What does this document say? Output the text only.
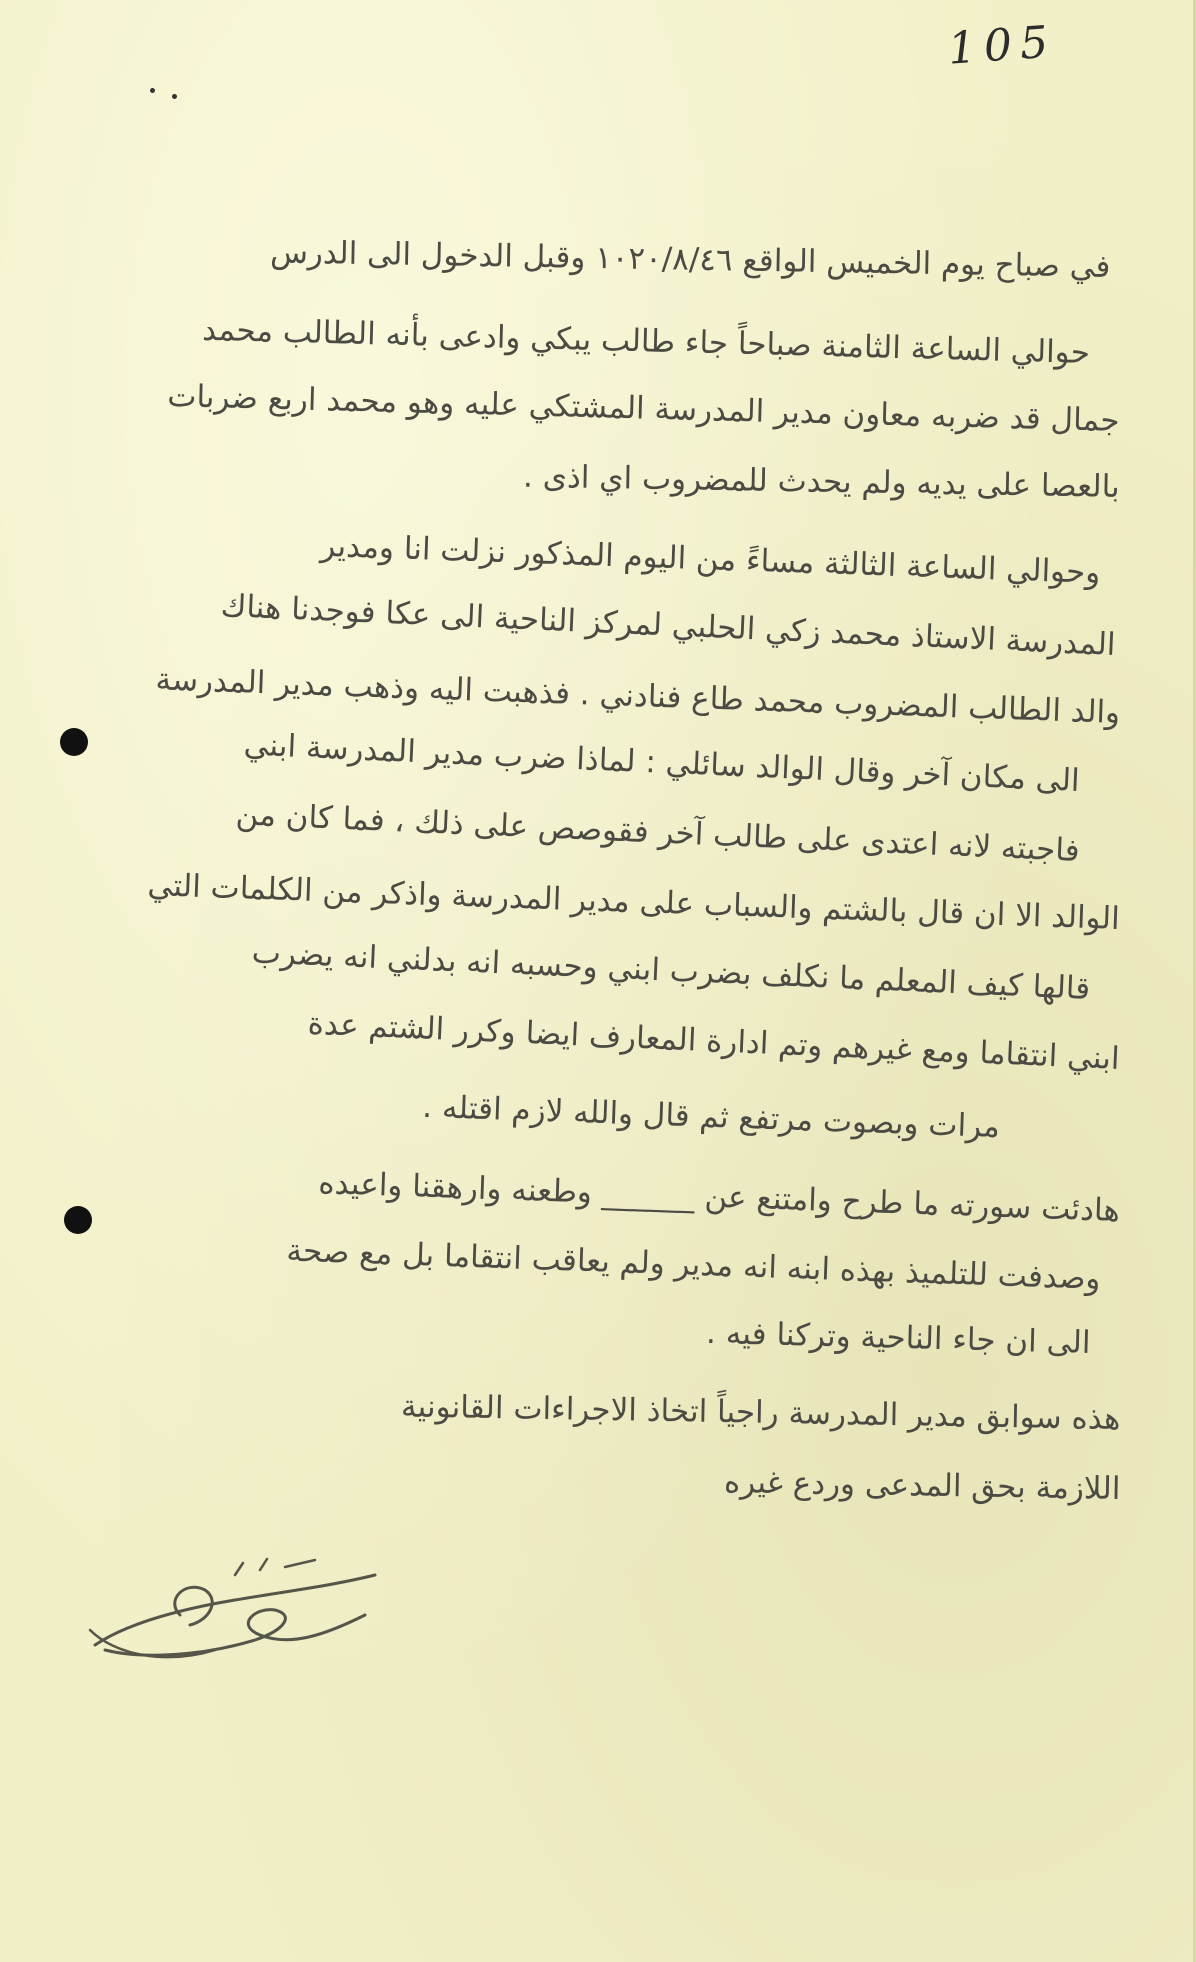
105
في صباح يوم الخميس الواقع ١٠٢٠/٨/٤٦ وقبل الدخول الى الدرس
حوالي الساعة الثامنة صباحاً جاء طالب يبكي وادعى بأنه الطالب محمد
جمال قد ضربه معاون مدير المدرسة المشتكي عليه وهو محمد اربع ضربات
بالعصا على يديه ولم يحدث للمضروب اي اذى .
وحوالي الساعة الثالثة مساءً من اليوم المذكور نزلت انا ومدير
المدرسة الاستاذ محمد زكي الحلبي لمركز الناحية الى عكا فوجدنا هناك
والد الطالب المضروب محمد طاع فنادني . فذهبت اليه وذهب مدير المدرسة
الى مكان آخر وقال الوالد سائلي : لماذا ضرب مدير المدرسة ابني
فاجبته لانه اعتدى على طالب آخر فقوصص على ذلك ، فما كان من
الوالد الا ان قال بالشتم والسباب على مدير المدرسة واذكر من الكلمات التي
قالها كيف المعلم ما نكلف بضرب ابني وحسبه انه بدلني انه يضرب
ابني انتقاما ومع غيرهم وتم ادارة المعارف ايضا وكرر الشتم عدة
مرات وبصوت مرتفع ثم قال والله لازم اقتله .
هادئت سورته ما طرح وامتنع عن ______ وطعنه وارهقنا واعيده
وصدفت للتلميذ بهذه ابنه انه مدير ولم يعاقب انتقاما بل مع صحة
الى ان جاء الناحية وتركنا فيه .
هذه سوابق مدير المدرسة راجياً اتخاذ الاجراءات القانونية
اللازمة بحق المدعى وردع غيره
